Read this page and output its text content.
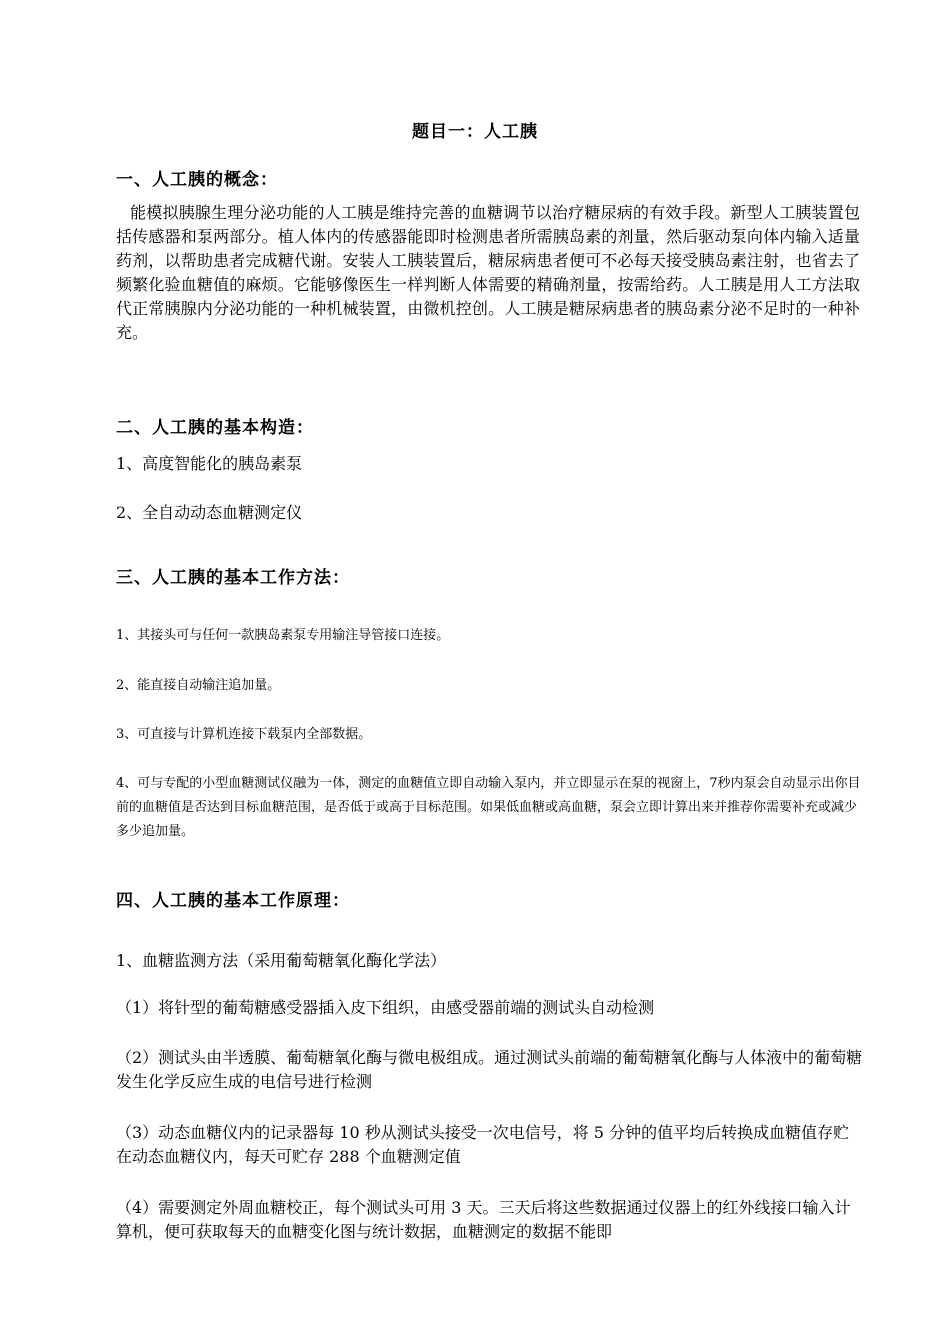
题目一：人工胰
一、人工胰的概念：

能模拟胰腺生理分泌功能的人工胰是维持完善的血糖调节以治疗糖尿病的有效手段。新型人工胰装置包括传感器和泵两部分。植人体内的传感器能即时检测患者所需胰岛素的剂量，然后驱动泵向体内输入适量药剂，以帮助患者完成糖代谢。安装人工胰装置后，糖尿病患者便可不必每天接受胰岛素注射，也省去了频繁化验血糖值的麻烦。它能够像医生一样判断人体需要的精确剂量，按需给药。人工胰是用人工方法取代正常胰腺内分泌功能的一种机械装置，由微机控创。人工胰是糖尿病患者的胰岛素分泌不足时的一种补充。

二、人工胰的基本构造：
1、高度智能化的胰岛素泵
2、全自动动态血糖测定仪
三、人工胰的基本工作方法：
1、其接头可与任何一款胰岛素泵专用输注导管接口连接。
2、能直接自动输注追加量。
3、可直接与计算机连接下载泵内全部数据。
4、可与专配的小型血糖测试仪融为一体，测定的血糖值立即自动输入泵内，并立即显示在泵的视窗上，7秒内泵会自动显示出你目前的血糖值是否达到目标血糖范围，是否低于或高于目标范围。如果低血糖或高血糖，泵会立即计算出来并推荐你需要补充或减少多少追加量。
四、人工胰的基本工作原理：
1、血糖监测方法（采用葡萄糖氧化酶化学法）
（1）将针型的葡萄糖感受器插入皮下组织，由感受器前端的测试头自动检测
（2）测试头由半透膜、葡萄糖氧化酶与微电极组成。通过测试头前端的葡萄糖氧化酶与人体液中的葡萄糖发生化学反应生成的电信号进行检测
（3）动态血糖仪内的记录器每 10 秒从测试头接受一次电信号，将 5 分钟的值平均后转换成血糖值存贮在动态血糖仪内，每天可贮存 288 个血糖测定值
（4）需要测定外周血糖校正，每个测试头可用 3 天。三天后将这些数据通过仪器上的红外线接口输入计算机，便可获取每天的血糖变化图与统计数据，血糖测定的数据不能即
